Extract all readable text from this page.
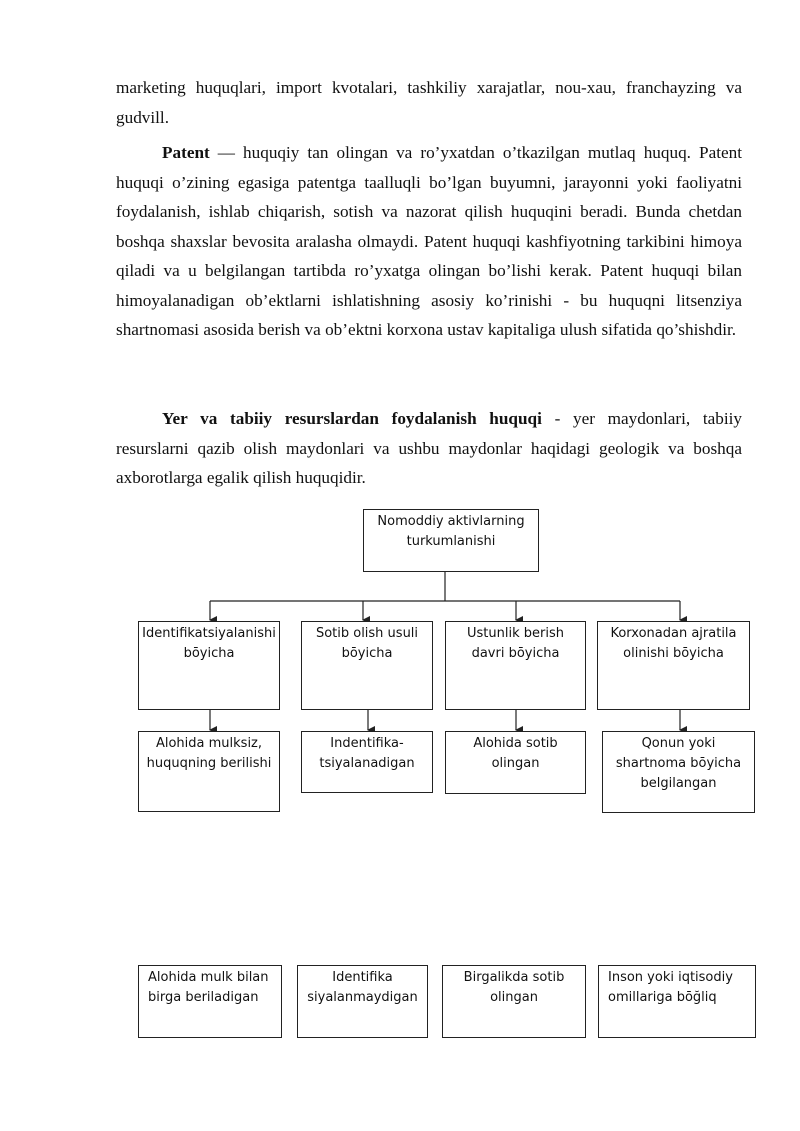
marketing huquqlari, import kvotalari, tashkiliy xarajatlar, nou-xau, franchayzing va gudvill.

Patent — huquqiy tan olingan va ro’yxatdan o’tkazilgan mutlaq huquq. Patent huquqi o’zining egasiga patentga taalluqli bo’lgan buyumni, jarayonni yoki faoliyatni foydalanish, ishlab chiqarish, sotish va nazorat qilish huquqini beradi. Bunda chetdan boshqa shaxslar bevosita aralasha olmaydi. Patent huquqi kashfiyotning tarkibini himoya qiladi va u belgilangan tartibda ro’yxatga olingan bo’lishi kerak. Patent huquqi bilan himoyalanadigan ob’ektlarni ishlatishning asosiy ko’rinishi - bu huquqni litsenziya shartnomasi asosida berish va ob’ektni korxona ustav kapitaliga ulush sifatida qo’shishdir.

Yer va tabiiy resurslardan foydalanish huquqi - yer maydonlari, tabiiy resurslarni qazib olish maydonlari va ushbu maydonlar haqidagi geologik va boshqa axborotlarga egalik qilish huquqidir.

Nomoddiy aktivlarning turkumlanishi
Identifikatsiyalanishi bōyicha
Sotib olish usuli bōyicha
Ustunlik berish davri bōyicha
Korxonadan ajratila olinishi bōyicha
Alohida mulksiz, huquqning berilishi
Indentifika-tsiyalanadigan
Alohida sotib olingan
Qonun yoki shartnoma bōyicha belgilangan
Alohida mulk bilan birga beriladigan
Identifika siyalanmaydigan
Birgalikda sotib olingan
Inson yoki iqtisodiy omillariga bōğliq
